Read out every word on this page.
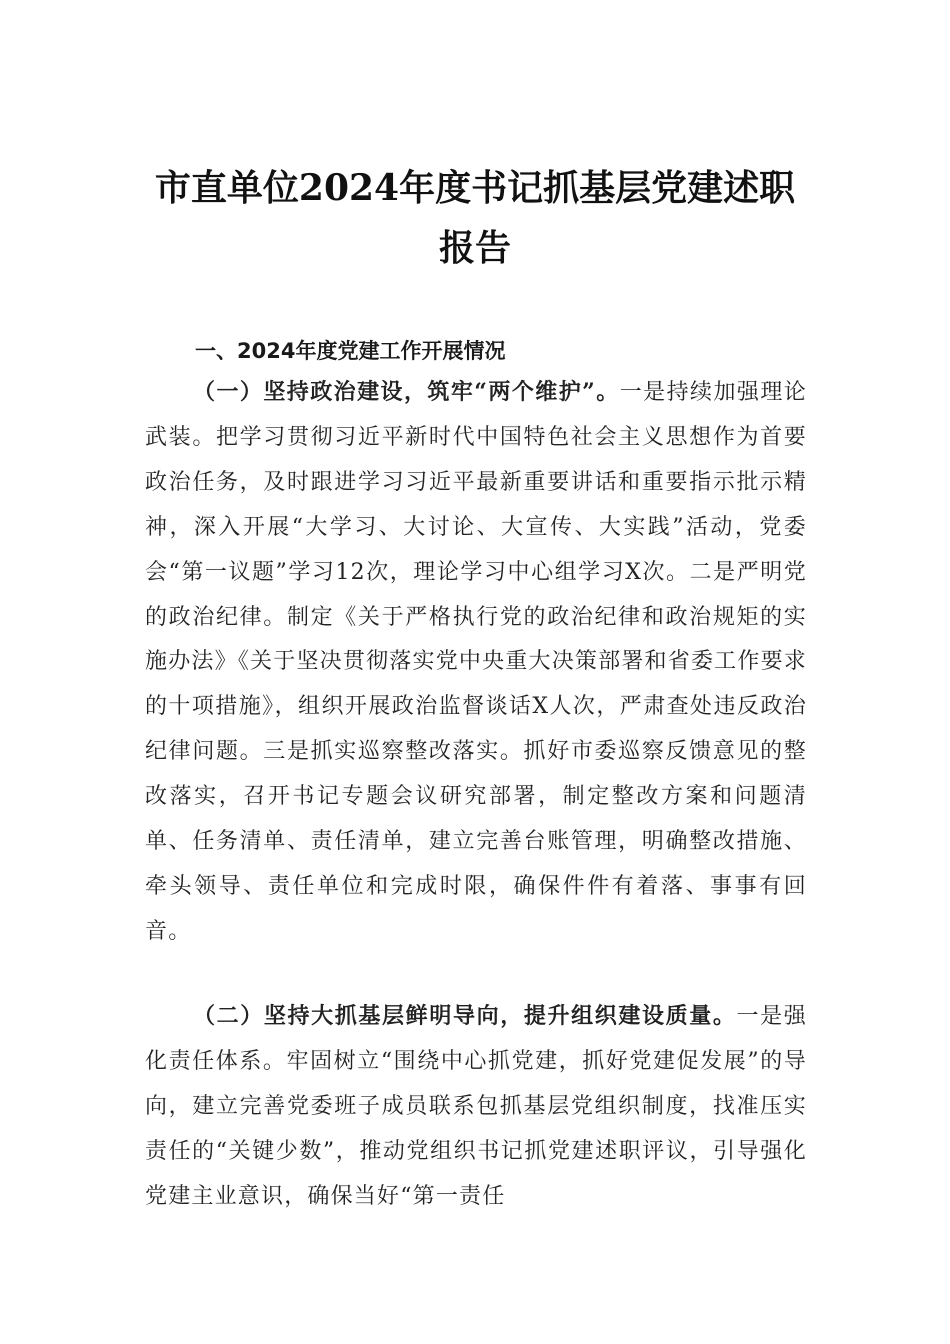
市直单位2024年度书记抓基层党建述职报告
一、2024年度党建工作开展情况

（一）坚持政治建设，筑牢“两个维护”。一是持续加强理论武装。把学习贯彻习近平新时代中国特色社会主义思想作为首要政治任务，及时跟进学习习近平最新重要讲话和重要指示批示精神，深入开展“大学习、大讨论、大宣传、大实践”活动，党委会“第一议题”学习12次，理论学习中心组学习X次。二是严明党的政治纪律。制定《关于严格执行党的政治纪律和政治规矩的实施办法》《关于坚决贯彻落实党中央重大决策部署和省委工作要求的十项措施》，组织开展政治监督谈话X人次，严肃查处违反政治纪律问题。三是抓实巡察整改落实。抓好市委巡察反馈意见的整改落实，召开书记专题会议研究部署，制定整改方案和问题清单、任务清单、责任清单，建立完善台账管理，明确整改措施、牵头领导、责任单位和完成时限，确保件件有着落、事事有回音。

（二）坚持大抓基层鲜明导向，提升组织建设质量。一是强化责任体系。牢固树立“围绕中心抓党建，抓好党建促发展”的导向，建立完善党委班子成员联系包抓基层党组织制度，找准压实责任的“关键少数”，推动党组织书记抓党建述职评议，引导强化党建主业意识，确保当好“第一责任
